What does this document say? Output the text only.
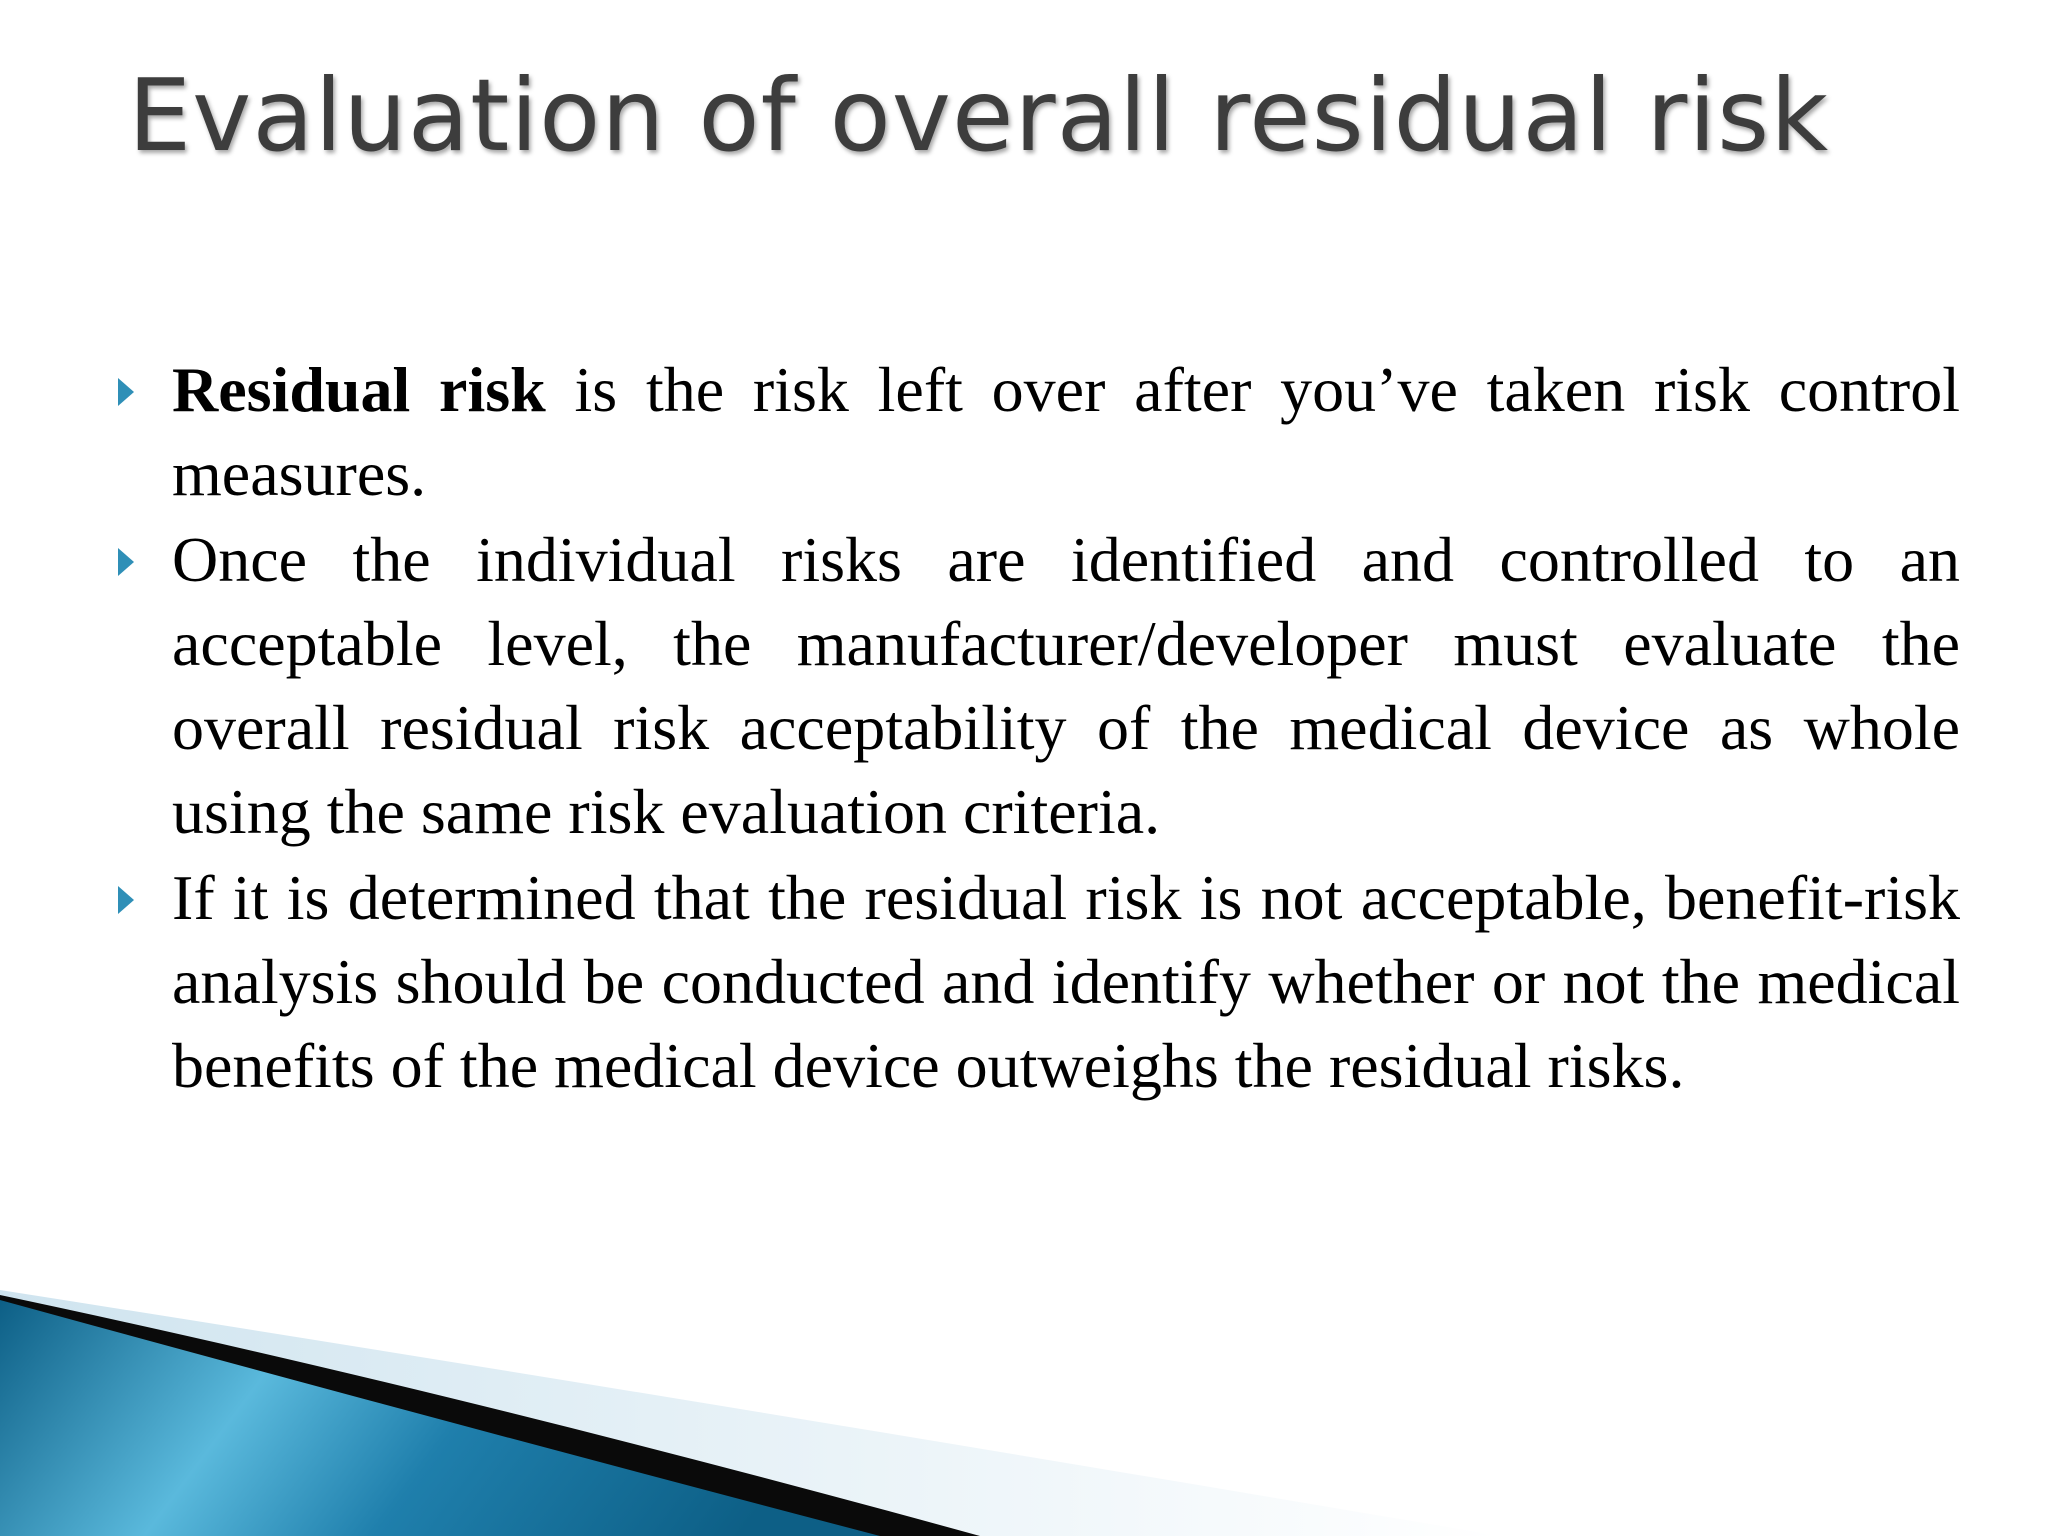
Evaluation of overall residual risk
Residual risk is the risk left over after you’ve taken risk control measures.
Once the individual risks are identified and controlled to an acceptable level, the manufacturer/developer must evaluate the overall residual risk acceptability of the medical device as whole using the same risk evaluation criteria.
If it is determined that the residual risk is not acceptable, benefit-risk analysis should be conducted and identify whether or not the medical benefits of the medical device outweighs the residual risks.
